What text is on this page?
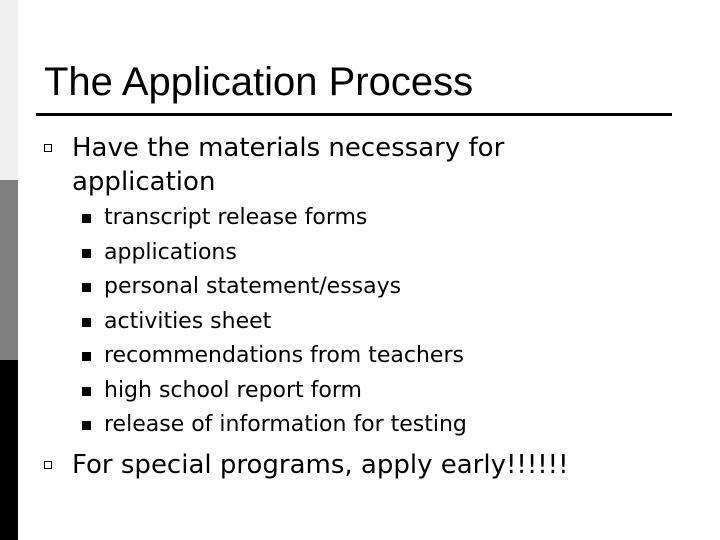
The Application Process
Have the materials necessary for application
transcript release forms
applications
personal statement/essays
activities sheet
recommendations from teachers
high school report form
release of information for testing
For special programs, apply early!!!!!!
